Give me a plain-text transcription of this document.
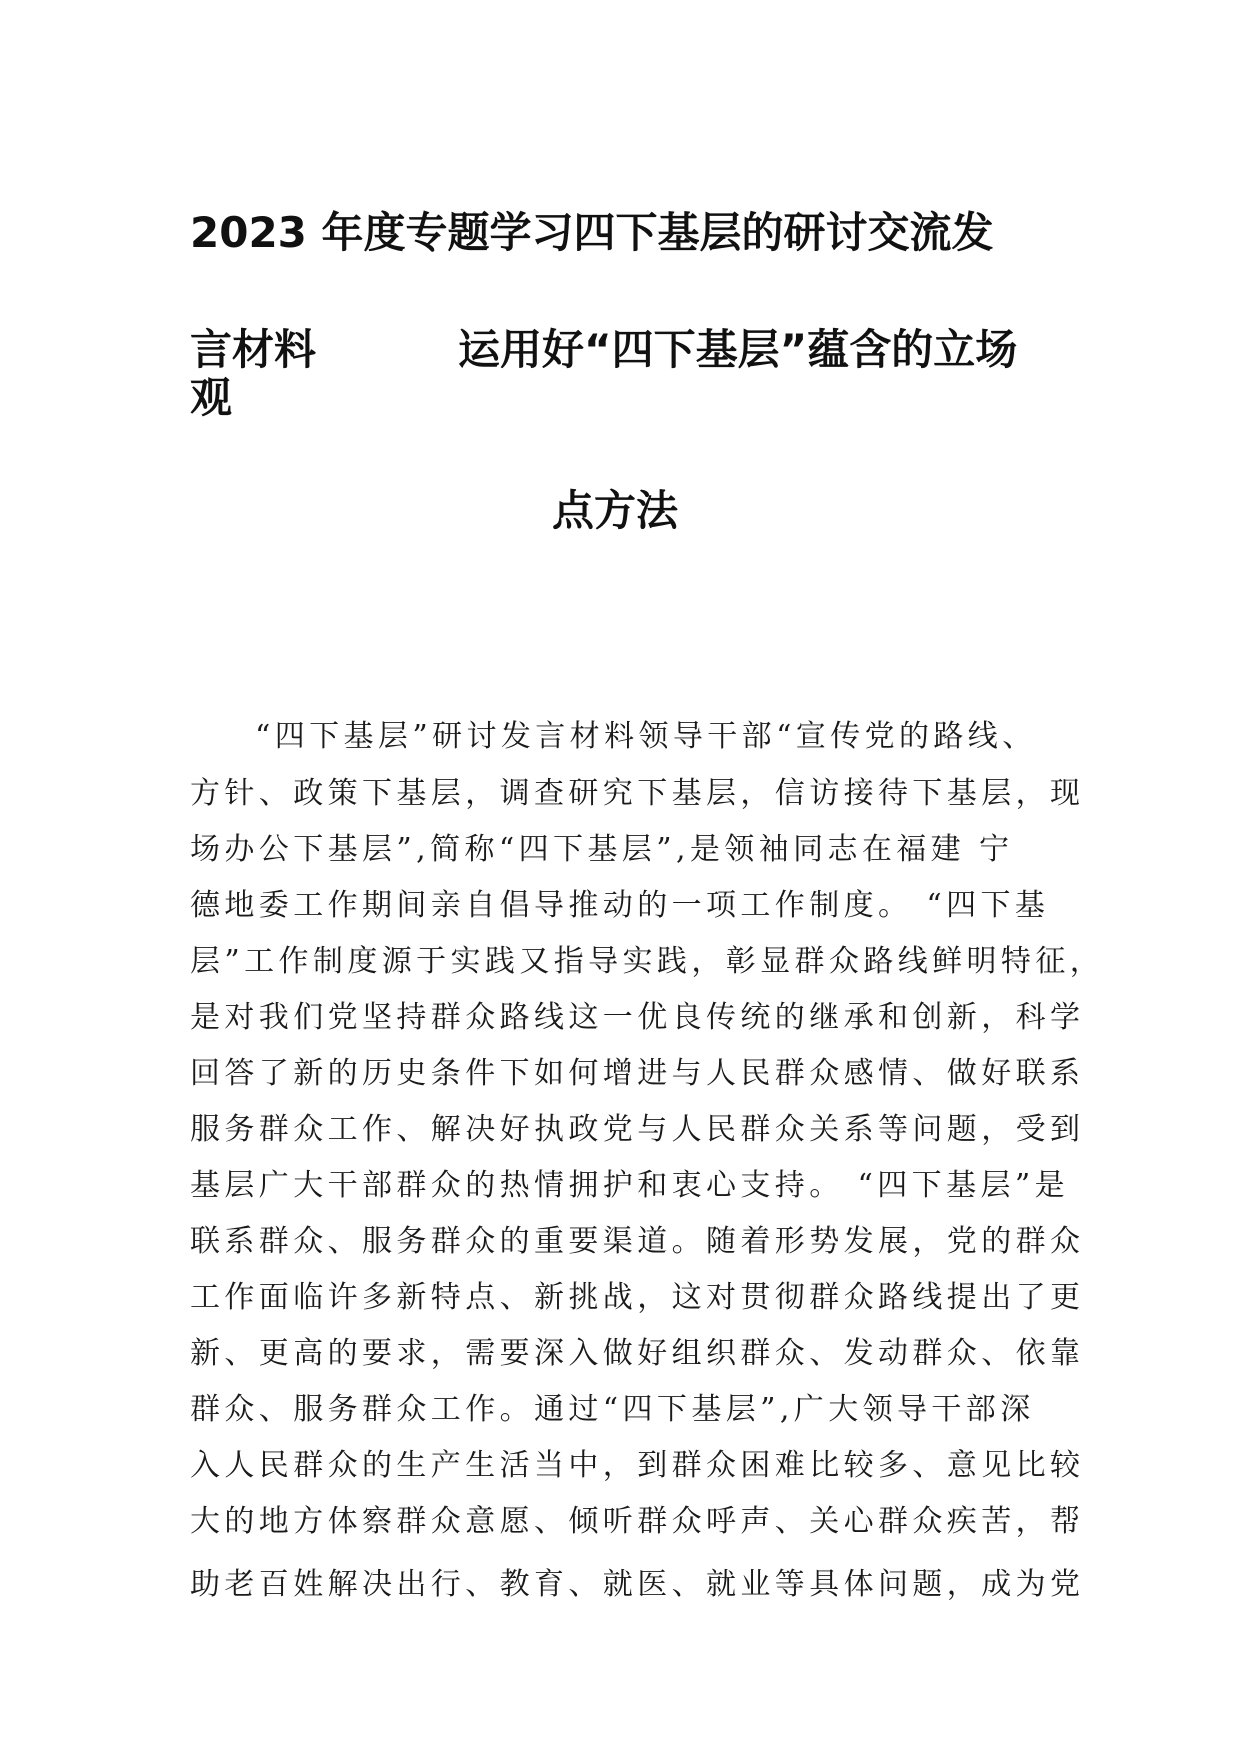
2023 年度专题学习四下基层的研讨交流发
言材料	运用好“四下基层”蕴含的立场
观
点方法
“四下基层”研讨发言材料领导干部“宣传党的路线、
方针、政策下基层，调查研究下基层，信访接待下基层，现
场办公下基层”,简称“四下基层”,是领袖同志在福建 宁
德地委工作期间亲自倡导推动的一项工作制度。 “四下基
层”工作制度源于实践又指导实践，彰显群众路线鲜明特征，
是对我们党坚持群众路线这一优良传统的继承和创新，科学
回答了新的历史条件下如何增进与人民群众感情、做好联系
服务群众工作、解决好执政党与人民群众关系等问题，受到
基层广大干部群众的热情拥护和衷心支持。 “四下基层”是
联系群众、服务群众的重要渠道。随着形势发展，党的群众
工作面临许多新特点、新挑战，这对贯彻群众路线提出了更
新、更高的要求，需要深入做好组织群众、发动群众、依靠
群众、服务群众工作。通过“四下基层”,广大领导干部深
入人民群众的生产生活当中，到群众困难比较多、意见比较
大的地方体察群众意愿、倾听群众呼声、关心群众疾苦，帮
助老百姓解决出行、教育、就医、就业等具体问题，成为党
